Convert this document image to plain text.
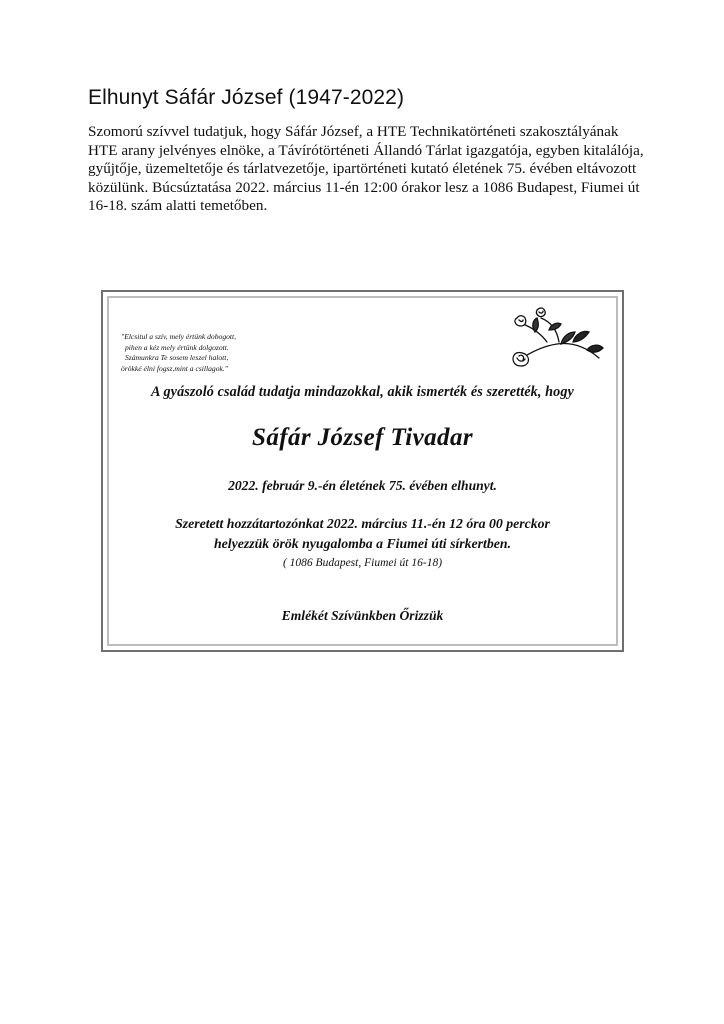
Elhunyt Sáfár József (1947-2022)

Szomorú szívvel tudatjuk, hogy Sáfár József, a HTE Technikatörténeti szakosztályának HTE arany jelvényes elnöke, a Távírótörténeti Állandó Tárlat igazgatója, egyben kitalálója, gyűjtője, üzemeltetője és tárlatvezetője, ipartörténeti kutató életének 75. évében eltávozott közülünk. Búcsúztatása 2022. március 11-én 12:00 órakor lesz a 1086 Budapest, Fiumei út 16-18. szám alatti temetőben.

"Elcsitul a szív, mely értünk dobogott,
pihen a kéz mely értünk dolgozott.
Számunkra Te sosem leszel halott,
örökké élni fogsz,mint a csillagok."
A gyászoló család tudatja mindazokkal, akik ismerték és szerették, hogy
Sáfár József Tivadar
2022. február 9.-én életének 75. évében elhunyt.
Szeretett hozzátartozónkat 2022. március 11.-én 12 óra 00 perckor
helyezzük örök nyugalomba a Fiumei úti sírkertben.
( 1086 Budapest, Fiumei út 16-18)
Emlékét Szívünkben Őrizzük
